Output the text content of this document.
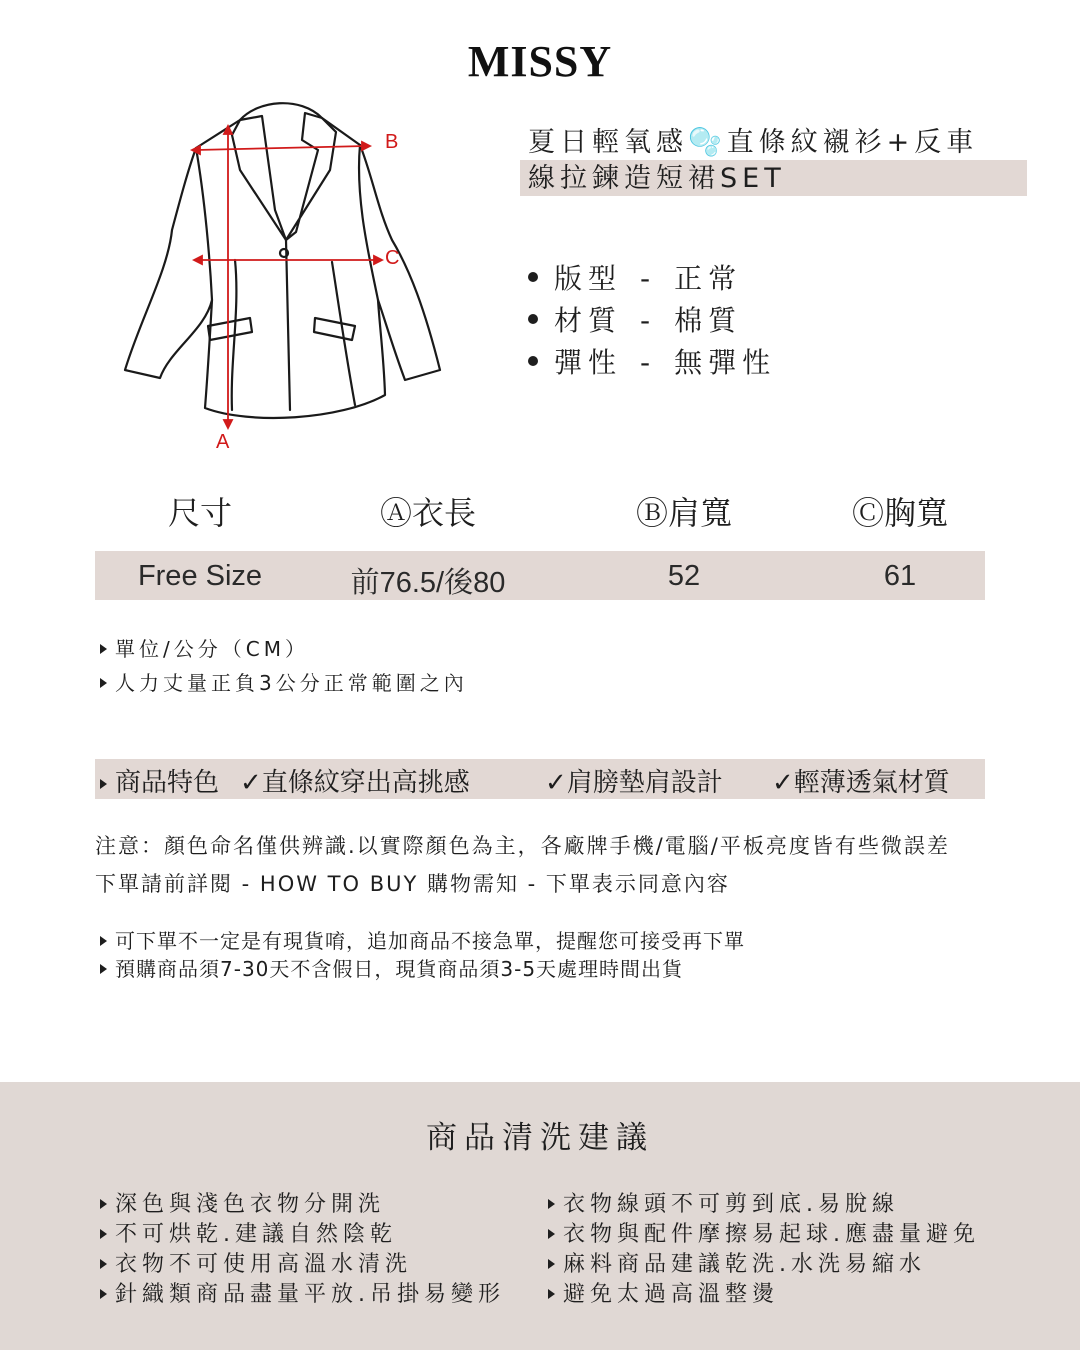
MISSY
A
B
C
夏日輕氧感🫧直條紋襯衫+反車
線拉鍊造短裙SET
版型 - 正常
材質 - 棉質
彈性 - 無彈性
尺寸	Ⓐ衣長	Ⓑ肩寬	Ⓒ胸寬
Free Size	前76.5/後80	52	61
單位/公分（CM）
人力丈量正負3公分正常範圍之內
商品特色 ✓直條紋穿出高挑感	✓肩膀墊肩設計 ✓輕薄透氣材質
注意：顏色命名僅供辨識.以實際顏色為主，各廠牌手機/電腦/平板亮度皆有些微誤差
下單請前詳閱 - HOW TO BUY 購物需知 - 下單表示同意內容
可下單不一定是有現貨唷，追加商品不接急單，提醒您可接受再下單
預購商品須7-30天不含假日，現貨商品須3-5天處理時間出貨
商品清洗建議
深色與淺色衣物分開洗
不可烘乾.建議自然陰乾
衣物不可使用高溫水清洗
針織類商品盡量平放.吊掛易變形
衣物線頭不可剪到底.易脫線
衣物與配件摩擦易起球.應盡量避免
麻料商品建議乾洗.水洗易縮水
避免太過高溫整燙
